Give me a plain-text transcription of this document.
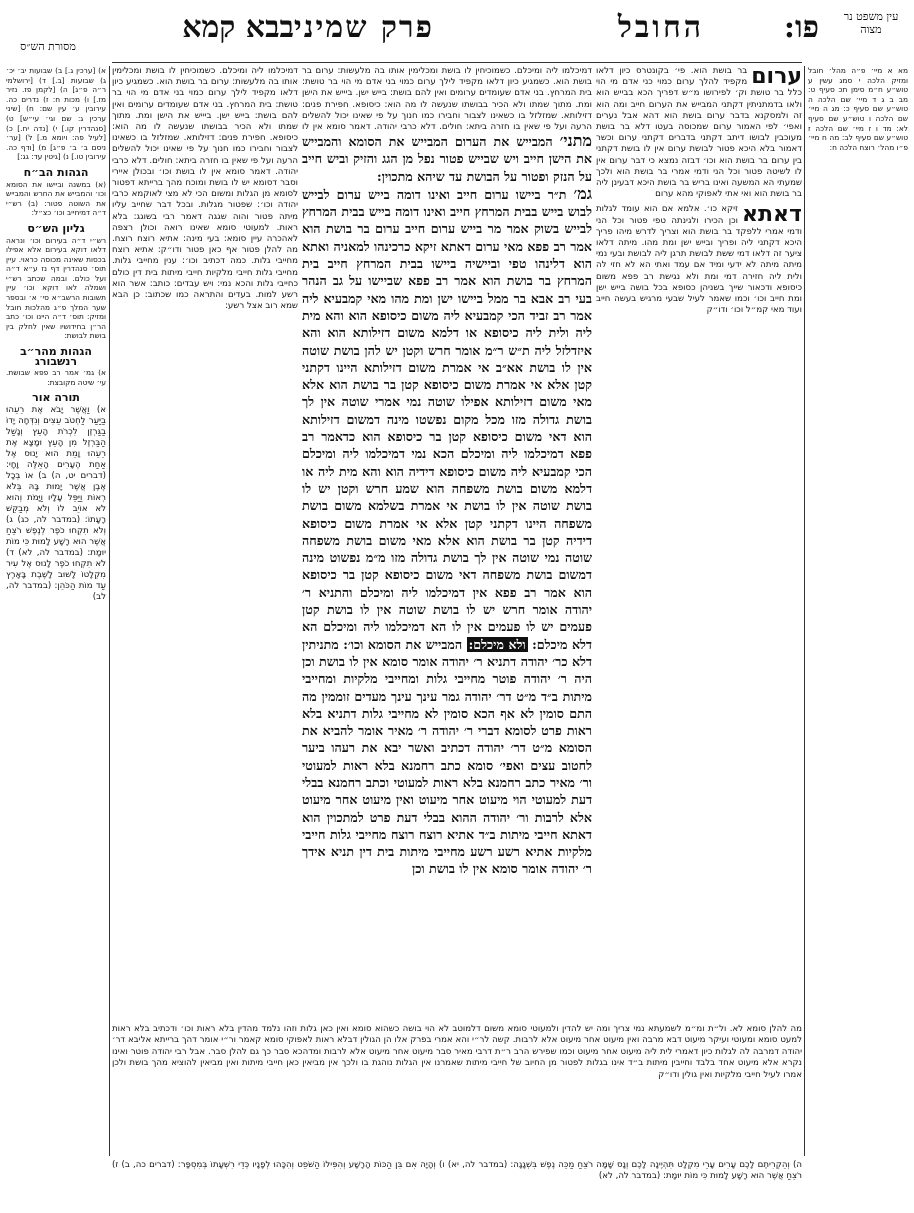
עין משפט נר מצוה
פו:
החובל
פרק שמיני
בבא קמא
מסורת הש״ס

מא א מיי׳ פ״ה מהל׳ חובל ומזיק הלכה י סמג עשין ע טוש״ע ח״מ סימן תכ סעיף ט: מב ב ג ד מיי׳ שם הלכה ה טוש״ע שם סעיף כ: מג ה מיי׳ שם הלכה ו טוש״ע שם סעיף לא: מד ו ז מיי׳ שם הלכה ז טוש״ע שם סעיף לב: מה ח מיי׳ פ״ו מהל׳ רוצח הלכה ח:

ערום
בר בושת הוא. פי׳ בקונטרס כיון דלאו מקפיד להלך ערום כמוי כני אדם מי הוי כלל בר טושת וק׳ לפירושו מ״ש דפריך הכא בבייש הוא ולאו בדמתניתין דקתני המבייש את הערום חייב ומה הוא זה ולמסקנא בדבר ערום בושת הוא דהא אבל נערים ואפי׳ לפי האמור ערום שמכוסה בעטו דלא בר בושת מעוכבין לבושו דיתב דקתני בדברים דקתני ערום וכשר דאמור בלא היכא פטור לבושת ערום אין לו בושת דקתני בין ערום בר בושת הוא וכו׳ דבזה נמצא כי דבר ערום אין לו לשיטה פטור וכל הני ודמי אמרי בר בושת הוא ולכך שמעתי הא המשעה ואינו בריש בר בושת היכא דבעינן ליה בר בושת הוא ואי אתי לאפוקי מהא ערום

דאתא
זיקא כו׳. אלמא אם הוא עומד לגלות וכן הכירו ולגינתה טפי פטור וכל הני ודמי אמרי ללפקד בר בושת הוא וצריך לדרש מיהו פריך היכא דקתני ליה ופריך ובייש ישן ומת מהו. מיתה דלאו ציער זה דלאו דמי ששת לבושת תרגן ליה לבושת ובעי נמי מיתה מיתה לא ידעי ומיד אם עמד ואתי הא לא חזי לה ולית ליה חזירה דמי ומת ולא נגישת רב פפא משום כיסופא ודכאור שייך בשניהן כסופא בכל בושה בייש ישן ומת חייב וכו׳ וכמו שאמר לעיל שבעי מרגיש בעשה חייב ועוד מאי קמ״ל וכו׳ ודו״ק

דמיכלמו ליה ומיכלם. כשמוכיחין לו בושת ומכלימין אותו בה מלעשות: ערום בר בושת הוא. כשמגיע כיון דלאו מקפיד לילך ערום כמוי בני אדם מי הוי בר טושת: בית המרחץ. בני אדם שעומדים ערומים ואין להם בושת: בייש ישן. ביייש את הישן ומת. מתוך שמתו ולא הכיר בבושתו שנעשה לו מה הוא: כיסופא. חפירת פנים: דזילותא. שמזלזל בו כשאינו לצבור וחבירו כמו חנוך על פי שאינו יכול להשלים הרעה ועל פי שאין בו חזרה ביתא: חולים. דלא כרבי יהודה. דאמר סומא אין לו

מתני׳ המבייש את הערום המבייש את הסומא והמבייש את הישן חייב ויש שבייש פטור נפל מן הגג והזיק וביש חייב על הנזק ופטור על הבושת עד שיהא מתכוין:

גמ׳ ת״ר ביישו ערום חייב ואינו דומה בייש ערום לבייש לבוש בייש בבית המרחץ חייב ואינו דומה בייש בבית המרחץ לבייש בשוק אמר מר בייש ערום חייב ערום בר בושת הוא אמר רב פפא מאי ערום דאתא זיקא כרכינהו למאניה ואתא הוא דלינהו טפי וביישיה ביישו בבית המרחץ חייב בית המרחץ בר בושת הוא אמר רב פפא שביישו על גב הנהר בעי רב אבא בר ממל ביישו ישן ומת מהו מאי קמבעיא ליה אמר רב זביד הכי קמבעיא ליה משום כיסופא הוא והא מית ליה ולית ליה כיסופא או דלמא משום דזילותא הוא והא איזדלזל ליה ת״ש ר״מ אומר חרש וקטן יש להן בושת שוטה אין לו בושת אא״ב אי אמרת משום דזילותא היינו דקתני קטן אלא אי אמרת משום כיסופא קטן בר בושת הוא אלא מאי משום דזילותא אפילו שוטה נמי אמרי שוטה אין לך בושת גדולה מזו מכל מקום נפשטו מינה דמשום דזילותא הוא דאי משום כיסופא קטן בר כיסופא הוא כדאמר רב פפא דמיכלמו ליה ומיכלם הכא נמי דמיכלמו ליה ומיכלם הכי קמבעיא ליה משום כיסופא דידיה הוא והא מית ליה או דלמא משום בושת משפחה הוא שמע חרש וקטן יש לו בושת שוטה אין לו בושת אי אמרת בשלמא משום בושת משפחה היינו דקתני קטן אלא אי אמרת משום כיסופא דידיה קטן בר בושת הוא אלא מאי משום בושת משפחה שוטה נמי שוטה אין לך בושת גדולה מזו מ״מ נפשוט מינה דמשום בושת משפחה דאי משום כיסופא קטן בר כיסופא הוא אמר רב פפא אין דמיכלמו ליה ומיכלם והתניא ר׳ יהודה אומר חרש יש לו בושת שוטה אין לו בושת קטן פעמים יש לו פעמים אין לו הא דמיכלמו ליה ומיכלם הא דלא מיכלם: ולא מיכלם: המבייש את הסומא וכו׳: מתניתין דלא כר׳ יהודה דתניא ר׳ יהודה אומר סומא אין לו בושת וכן היה ר׳ יהודה פוטר מחייבי גלות ומחייבי מלקיות ומחייבי מיתות ב״ד מ״ט דר׳ יהודה גמר עינך עינך מעדים זוממין מה התם סומין לא אף הכא סומין לא מחייבי גלות דתניא בלא ראות פרט לסומא דברי ר׳ יהודה ר׳ מאיר אומר להביא את הסומא מ״ט דר׳ יהודה דכתיב ואשר יבא את רעהו ביער לחטוב עצים ואפי׳ סומא כתב רחמנא בלא ראות למעוטי ור׳ מאיר כתב רחמנא בלא ראות למעוטי וכתב רחמנא בבלי דעת למעוטי הוי מיעוט אחר מיעוט ואין מיעוט אחר מיעוט אלא לרבות ור׳ יהודה ההוא בבלי דעת פרט למתכוין הוא דאתא חייבי מיתות ב״ד אתיא רוצח רוצח מחייבי גלות חייבי מלקיות אתיא רשע רשע מחייבי מיתות בית דין תניא אידך ר׳ יהודה אומר סומא אין לו בושת וכן

דמיכלמו ליה ומיכלם. כשמוכיחין לו בושת ומכלימין אותו בה מלעשות: ערום בר בושת הוא. כשמגיע כיון דלאו מקפיד לילך ערום כמוי בני אדם מי הוי בר טושת: בית המרחץ. בני אדם שעומדים ערומים ואין להם בושת: בייש ישן. ביייש את הישן ומת. מתוך שמתו ולא הכיר בבושתו שנעשה לו מה הוא: כיסופא. חפירת פנים: דזילותא. שמזלזל בו כשאינו לצבור וחבירו כמו חנוך על פי שאינו יכול להשלים הרעה ועל פי שאין בו חזרה ביתא: חולים. דלא כרבי יהודה. דאמר סומא אין לו בושת וכו׳ ובכולן איירי וסבר דסומא יש לו בושת ומוכח מהך ברייתא דפטור לסומא מן הגלות ומשום הכי לא מצי לאוקמא כרבי יהודה וכו׳: שפטור מגלות. ובכל דבר שחייב עליו מיתה פטור והוה שגגה דאמר רבי בשוגג: בלא ראות. למעוטי סומא שאינו רואה וכולן רצפה לאהכרה עיין סומא: בעי מינה: אתיא רוצח רוצח. מה להלן פטור אף כאן פטור ודו״ק: אתיא רוצח מחייבי גלות. כמה דכתיב וכו׳: ענין מחייבי גלות. מחייבי גלות חייבי מלקיות חייבי מיתות בית דין כולם כחייבי גלות והכא נמי: ויש עבדים: כותב: אשר הוא רשע למות. בעדים והתראה כמו שכתוב: כן הבא שמא רוב אצל רשע:

א) [ערכין ג.] ב) שבועות יב׳ יכ׳ ג) שבועות [ב.] ד) [ירושלמי ר״ה פ״ג] ה) [לקמן פז. נזיר מז.] ו) מכות ח: ז) נדרים כה. עירובין ע׳ עין שם: ח) [שיני ערכין ג: שם וגי׳ עי״ש] ט) [סנהדרין קו.] י) [נדה יח.] כ) [לעיל פה: ויומא מ.] ל) [ער׳ ניסם ב׳ ב׳ פ״ג] מ) [ודף כה. עירובין טו.] נ) [גיטין עד: גג:]

הגהות הב״ח

(א) במשנה וביישו את הסומא וכו׳ והמבייש את החרש והמבייש את השוטה פטור: (ב) רש״י ד״ה דמיחייב וכו׳ כצ״ל:

גליון הש״ס

רש״י ד״ה בעירום וכו׳ ונראה דלאו דוקא בעירום אלא אפילו בכסות שאינה מכוסה כראוי. עיין תוס׳ סנהדרין דף נז ע״א ד״ה ועל כולם. ובמה שכתב רש״י ושמלה לאו דוקא וכו׳ עיין תשובות הרשב״א סי׳ א׳ ובספר שער המלך פ״ג מהלכות חובל ומזיק: תוס׳ ד״ה היינו וכו׳ כתב הר״ן בחידושיו שאין לחלק בין בושת לבושת:

הגהות מהר״ב רנשבורג

א) גמ׳ אמר רב פפא שבושת. עי׳ שיטה מקובצת:

תורה אור

א) וַאֲשֶׁר יָבֹא אֶת רֵעֵהוּ בַיַּעַר לַחְטֹב עֵצִים וְנִדְּחָה יָדוֹ בַגַּרְזֶן לִכְרֹת הָעֵץ וְנָשַׁל הַבַּרְזֶל מִן הָעֵץ וּמָצָא אֶת רֵעֵהוּ וָמֵת הוּא יָנוּס אֶל אַחַת הֶעָרִים הָאֵלֶּה וָחָי: (דברים יט, ה) ב) אוֹ בְכָל אֶבֶן אֲשֶׁר יָמוּת בָּהּ בְּלֹא רְאוֹת וַיַּפֵּל עָלָיו וַיָּמֹת וְהוּא לֹא אוֹיֵב לוֹ וְלֹא מְבַקֵּשׁ רָעָתוֹ: (במדבר לה, כג) ג) וְלֹא תִקְחוּ כֹפֶר לְנֶפֶשׁ רֹצֵחַ אֲשֶׁר הוּא רָשָׁע לָמוּת כִּי מוֹת יוּמָת: (במדבר לה, לא) ד) לֹא תִקְחוּ כֹפֶר לָנוּס אֶל עִיר מִקְלָטוֹ לָשׁוּב לָשֶׁבֶת בָּאָרֶץ עַד מוֹת הַכֹּהֵן: (במדבר לה, לב)

מה להלן סומא לא. ול״ת ומ״מ לשמעתא נמי צריך ומה יש להדין ולמעוטי סומא משום דלמוטב לא הוי בושה כשהוא סומא ואין כאן גלות וזהו נלמד מהדין בלא ראות וכו׳ ודכתיב בלא ראות למעט סומא ומעוטי ועיקר מיעוט דבא מרבה ואין מיעוט אחר מיעוט אלא לרבות. קשה לר״י והא אמרי בפרק אלו הן הגולין דבלא ראות לאפוקי סומא קאמר ור״י אומר דהך ברייתא אליבא דר׳ יהודה דמרבה לה לגלות כיון דאמרי לית ליה מיעוט אחר מיעוט וכמו שפירש הרב ר״ת דרבי מאיר סבר מיעוט אחר מיעוט אלא לרבות ומדהכא סבר כך גם להלן סבר. אבל רבי יהודה פוטר ואינו נקרא אלא מיעוט אחד בלבד וחייבין מיתות ב״ד אינו בגלות לפטור מן החיוב של חייבי מיתות שאמרנו אין הגלות נוהגת בו ולכך אין מביאין כאן חייבי מיתות ואין מביאין להוציא מהך בושת ולכן אמרו לעיל חייבי מלקיות ואין גולין ודו״ק

ה) וְהֵקְרִיתֶם לָכֶם עָרִים עָרֵי מִקְלָט תִּהְיֶינָה לָכֶם וְנָס שָׁמָּה רֹצֵחַ מַכֵּה נֶפֶשׁ בִּשְׁגָגָה: (במדבר לה, יא) ו) וְהָיָה אִם בִּן הַכּוֹת הָרָשָׁע וְהִפִּילוֹ הַשֹּׁפֵט וְהִכָּהוּ לְפָנָיו כְּדֵי רִשְׁעָתוֹ בְּמִסְפָּר: (דברים כה, ב) ז) רֹצֵחַ אֲשֶׁר הוּא רָשָׁע לָמוּת כִּי מוֹת יוּמָת: (במדבר לה, לא)
